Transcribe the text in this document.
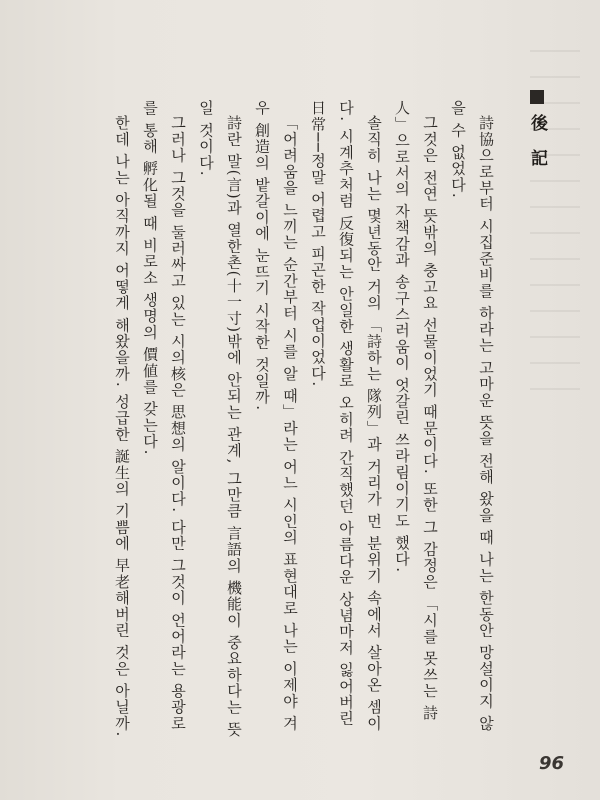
後 記

詩協으로부터 시집준비를 하라는 고마운 뜻을 전해 왔을 때 나는 한동안 망설이지 않을 수 없었다.

그것은 전연 뜻밖의 충고요 선물이었기 때문이다. 또한 그 감정은 「시를 못쓰는 詩人」으로서의 자책감과 송구스러움이 엇갈린 쓰라림이기도 했다.

솔직히 나는 몇년동안 거의 「詩하는 隊列」과 거리가 먼 분위기 속에서 살아온 셈이다. 시계추처럼 反復되는 안일한 생활로 오히려 간직했던 아름다운 상념마저 잃어버린 日常──정말 어렵고 피곤한 작업이었다.

「어려움을 느끼는 순간부터 시를 알 때」라는 어느 시인의 표현대로 나는 이제야 겨우 創造의 밭갈이에 눈뜨기 시작한 것일까.

詩란 말(言)과 열한촌(十一寸)밖에 안되는 관계, 그만큼 言語의 機能이 중요하다는 뜻일 것이다.

그러나 그것을 둘러싸고 있는 시의核은 思想의 알이다. 다만 그것이 언어라는 용광로를 통해 孵化될 때 비로소 생명의 價値를 갖는다.

한데 나는 아직까지 어떻게 해왔을까. 성급한 誕生의 기쁨에 早老해버린 것은 아닐까.

96
